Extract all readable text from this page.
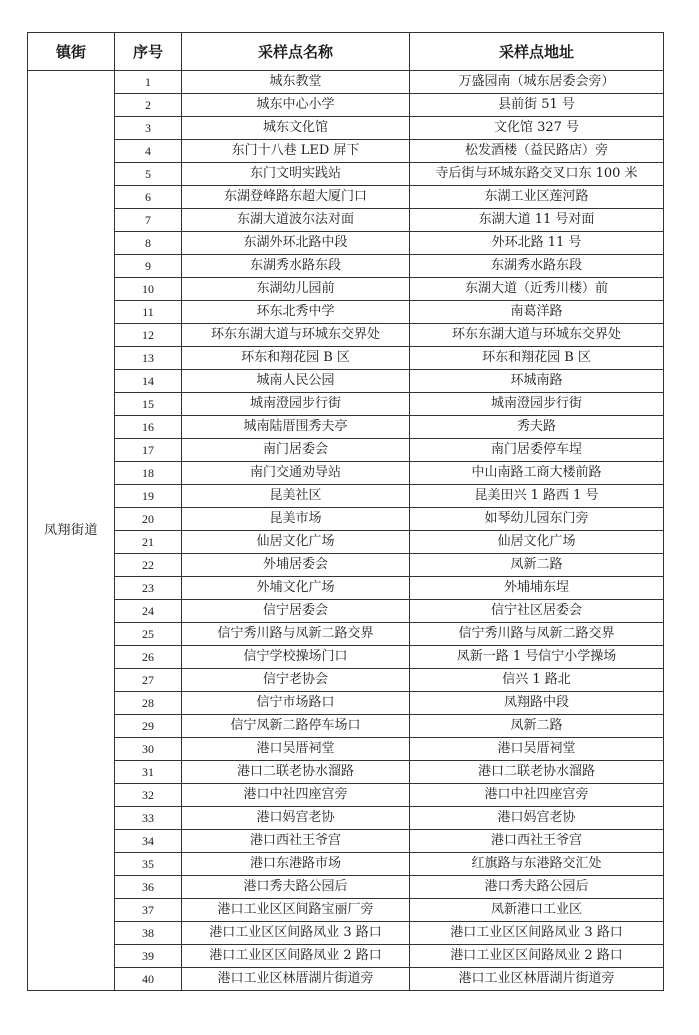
镇街	序号	采样点名称	采样点地址
凤翔街道	1	城东教堂	万盛园南（城东居委会旁）
	2	城东中心小学	县前街 51 号
	3	城东文化馆	文化馆 327 号
	4	东门十八巷 LED 屏下	松发酒楼（益民路店）旁
	5	东门文明实践站	寺后街与环城东路交叉口东 100 米
	6	东湖登峰路东超大厦门口	东湖工业区莲河路
	7	东湖大道波尔法对面	东湖大道 11 号对面
	8	东湖外环北路中段	外环北路 11 号
	9	东湖秀水路东段	东湖秀水路东段
	10	东湖幼儿园前	东湖大道（近秀川楼）前
	11	环东北秀中学	南葛洋路
	12	环东东湖大道与环城东交界处	环东东湖大道与环城东交界处
	13	环东和翔花园 B 区	环东和翔花园 B 区
	14	城南人民公园	环城南路
	15	城南澄园步行街	城南澄园步行街
	16	城南陆厝围秀夫亭	秀夫路
	17	南门居委会	南门居委停车埕
	18	南门交通劝导站	中山南路工商大楼前路
	19	昆美社区	昆美田兴 1 路西 1 号
	20	昆美市场	如琴幼儿园东门旁
	21	仙居文化广场	仙居文化广场
	22	外埔居委会	凤新二路
	23	外埔文化广场	外埔埔东埕
	24	信宁居委会	信宁社区居委会
	25	信宁秀川路与凤新二路交界	信宁秀川路与凤新二路交界
	26	信宁学校操场门口	凤新一路 1 号信宁小学操场
	27	信宁老协会	信兴 1 路北
	28	信宁市场路口	凤翔路中段
	29	信宁凤新二路停车场口	凤新二路
	30	港口吴厝祠堂	港口吴厝祠堂
	31	港口二联老协水溜路	港口二联老协水溜路
	32	港口中社四座宫旁	港口中社四座宫旁
	33	港口妈宫老协	港口妈宫老协
	34	港口西社王爷宫	港口西社王爷宫
	35	港口东港路市场	红旗路与东港路交汇处
	36	港口秀夫路公园后	港口秀夫路公园后
	37	港口工业区区间路宝丽厂旁	凤新港口工业区
	38	港口工业区区间路凤业 3 路口	港口工业区区间路凤业 3 路口
	39	港口工业区区间路凤业 2 路口	港口工业区区间路凤业 2 路口
	40	港口工业区林厝湖片街道旁	港口工业区林厝湖片街道旁
